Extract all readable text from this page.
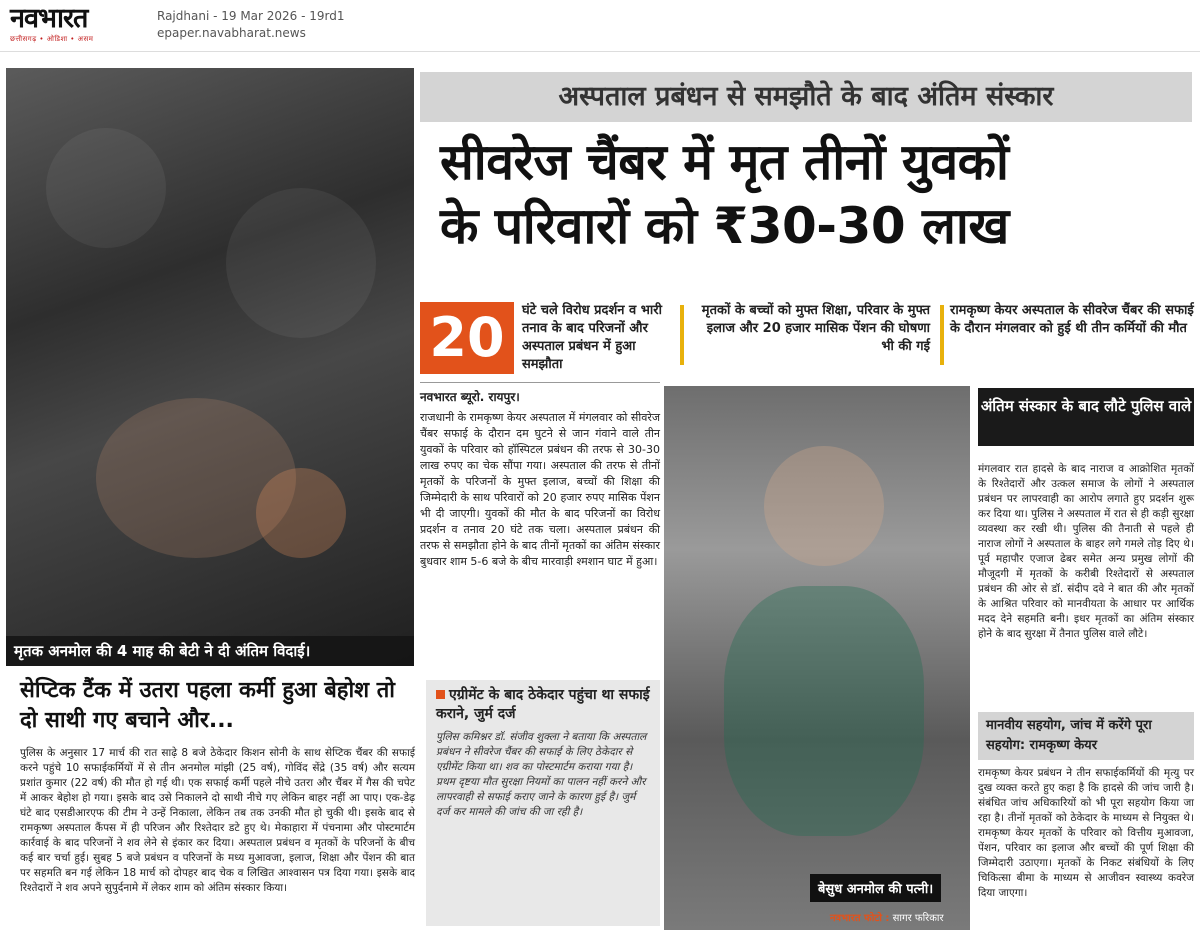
नवभारत
छत्तीसगढ़ • ओडिशा • असम
Rajdhani - 19 Mar 2026 - 19rd1
epaper.navabharat.news
मृतक अनमोल की 4 माह की बेटी ने दी अंतिम विदाई।
अस्पताल प्रबंधन से समझौते के बाद अंतिम संस्कार
सीवरेज चैंबर में मृत तीनों युवकों
के परिवारों को ₹30-30 लाख
20	घंटे चले विरोध प्रदर्शन व भारी तनाव के बाद परिजनों और अस्पताल प्रबंधन में हुआ समझौता
मृतकों के बच्चों को मुफ्त शिक्षा, परिवार के मुफ्त इलाज और 20 हजार मासिक पेंशन की घोषणा भी की गई
रामकृष्ण केयर अस्पताल के सीवरेज चैंबर की सफाई के दौरान मंगलवार को हुई थी तीन कर्मियों की मौत
नवभारत ब्यूरो. रायपुर।
राजधानी के रामकृष्ण केयर अस्पताल में मंगलवार को सीवरेज चैंबर सफाई के दौरान दम घुटने से जान गंवाने वाले तीन युवकों के परिवार को हॉस्पिटल प्रबंधन की तरफ से 30-30 लाख रुपए का चेक सौंपा गया। अस्पताल की तरफ से तीनों मृतकों के परिजनों के मुफ्त इलाज, बच्चों की शिक्षा की जिम्मेदारी के साथ परिवारों को 20 हजार रुपए मासिक पेंशन भी दी जाएगी। युवकों की मौत के बाद परिजनों का विरोध प्रदर्शन व तनाव 20 घंटे तक चला। अस्पताल प्रबंधन की तरफ से समझौता होने के बाद तीनों मृतकों का अंतिम संस्कार बुधवार शाम 5-6 बजे के बीच मारवाड़ी श्मशान घाट में हुआ।
बेसुध अनमोल की पत्नी।
नवभारत फोटो : सागर फरिकार
अंतिम संस्कार के बाद लौटे पुलिस वाले
मंगलवार रात हादसे के बाद नाराज व आक्रोशित मृतकों के रिश्तेदारों और उत्कल समाज के लोगों ने अस्पताल प्रबंधन पर लापरवाही का आरोप लगाते हुए प्रदर्शन शुरू कर दिया था। पुलिस ने अस्पताल में रात से ही कड़ी सुरक्षा व्यवस्था कर रखी थी। पुलिस की तैनाती से पहले ही नाराज लोगों ने अस्पताल के बाहर लगे गमले तोड़ दिए थे। पूर्व महापौर एजाज ढेबर समेत अन्य प्रमुख लोगों की मौजूदगी में मृतकों के करीबी रिश्तेदारों से अस्पताल प्रबंधन की ओर से डॉ. संदीप दवे ने बात की और मृतकों के आश्रित परिवार को मानवीयता के आधार पर आर्थिक मदद देने सहमति बनी। इधर मृतकों का अंतिम संस्कार होने के बाद सुरक्षा में तैनात पुलिस वाले लौटे।
मानवीय सहयोग, जांच में करेंगे पूरा सहयोग: रामकृष्ण केयर
रामकृष्ण केयर प्रबंधन ने तीन सफाईकर्मियों की मृत्यु पर दुख व्यक्त करते हुए कहा है कि हादसे की जांच जारी है। संबंधित जांच अधिकारियों को भी पूरा सहयोग किया जा रहा है। तीनों मृतकों को ठेकेदार के माध्यम से नियुक्त थे। रामकृष्ण केयर मृतकों के परिवार को वित्तीय मुआवजा, पेंशन, परिवार का इलाज और बच्चों की पूर्ण शिक्षा की जिम्मेदारी उठाएगा। मृतकों के निकट संबंधियों के लिए चिकित्सा बीमा के माध्यम से आजीवन स्वास्थ्य कवरेज दिया जाएगा।
सेप्टिक टैंक में उतरा पहला कर्मी हुआ बेहोश तो दो साथी गए बचाने और...
पुलिस के अनुसार 17 मार्च की रात साढ़े 8 बजे ठेकेदार किशन सोनी के साथ सेप्टिक चैंबर की सफाई करने पहुंचे 10 सफाईकर्मियों में से तीन अनमोल मांझी (25 वर्ष), गोविंद सेंद्रे (35 वर्ष) और सत्यम प्रशांत कुमार (22 वर्ष) की मौत हो गई थी। एक सफाई कर्मी पहले नीचे उतरा और चैंबर में गैस की चपेट में आकर बेहोश हो गया। इसके बाद उसे निकालने दो साथी नीचे गए लेकिन बाहर नहीं आ पाए। एक-डेढ़ घंटे बाद एसडीआरएफ की टीम ने उन्हें निकाला, लेकिन तब तक उनकी मौत हो चुकी थी। इसके बाद से रामकृष्ण अस्पताल कैंपस में ही परिजन और रिश्तेदार डटे हुए थे। मेकाहारा में पंचनामा और पोस्टमार्टम कार्रवाई के बाद परिजनों ने शव लेने से इंकार कर दिया। अस्पताल प्रबंधन व मृतकों के परिजनों के बीच कई बार चर्चा हुई। सुबह 5 बजे प्रबंधन व परिजनों के मध्य मुआवजा, इलाज, शिक्षा और पेंशन की बात पर सहमति बन गई लेकिन 18 मार्च को दोपहर बाद चेक व लिखित आश्वासन पत्र दिया गया। इसके बाद रिश्तेदारों ने शव अपने सुपुर्दनामे में लेकर शाम को अंतिम संस्कार किया।
एग्रीमेंट के बाद ठेकेदार पहुंचा था सफाई कराने, जुर्म दर्ज
पुलिस कमिश्नर डॉ. संजीव शुक्ला ने बताया कि अस्पताल प्रबंधन ने सीवरेज चैंबर की सफाई के लिए ठेकेदार से एग्रीमेंट किया था। शव का पोस्टमार्टम कराया गया है। प्रथम दृष्टया मौत सुरक्षा नियमों का पालन नहीं करने और लापरवाही से सफाई कराए जाने के कारण हुई है। जुर्म दर्ज कर मामले की जांच की जा रही है।
